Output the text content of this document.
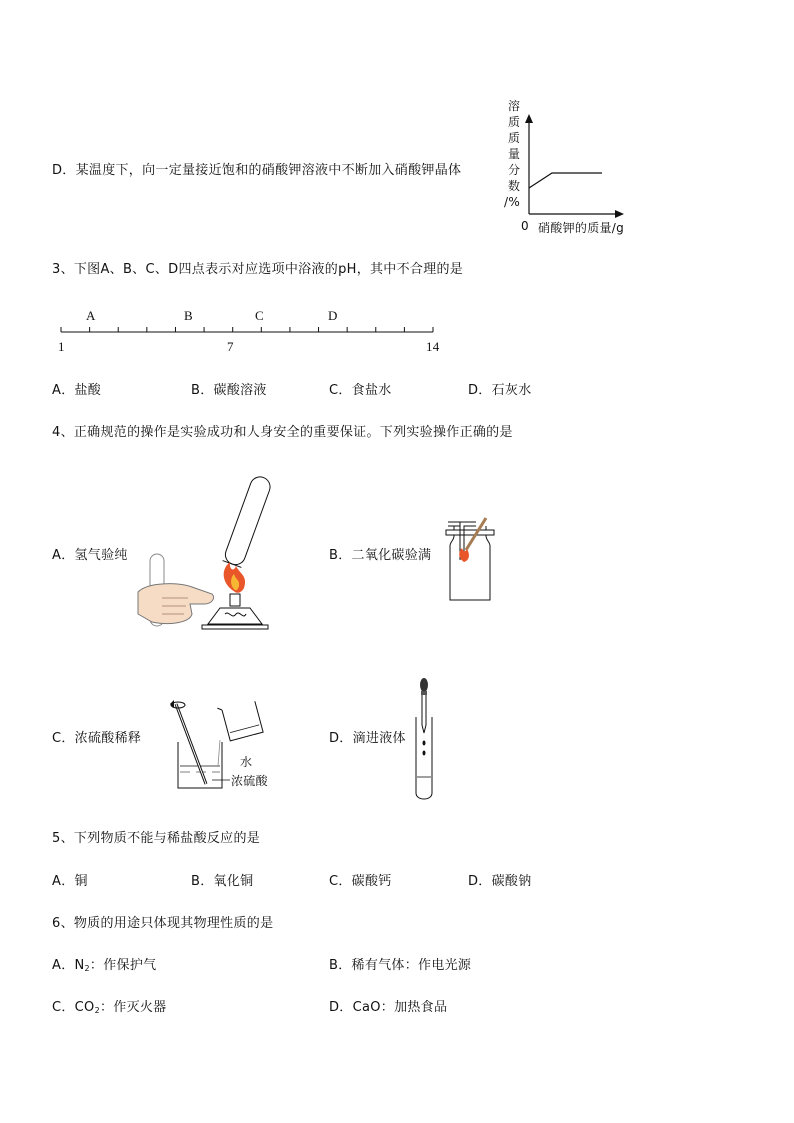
D．某温度下，向一定量接近饱和的硝酸钾溶液中不断加入硝酸钾晶体
溶
质
质
量
分
数
/%
0 硝酸钾的质量/g
3、下图A、B、C、D四点表示对应选项中浴液的pH，其中不合理的是
A	B	C	D
1	7	14
A．盐酸	B．碳酸溶液	C．食盐水	D．石灰水
4、正确规范的操作是实验成功和人身安全的重要保证。下列实验操作正确的是
A．氢气验纯	B．二氧化碳验满
C．浓硫酸稀释
水
浓硫酸
D．滴进液体
5、下列物质不能与稀盐酸反应的是
A．铜	B．氧化铜	C．碳酸钙	D．碳酸钠
6、物质的用途只体现其物理性质的是
A．$N_2$：作保护气	B．稀有气体：作电光源
C．$CO_2$：作灭火器	D．CaO：加热食品
